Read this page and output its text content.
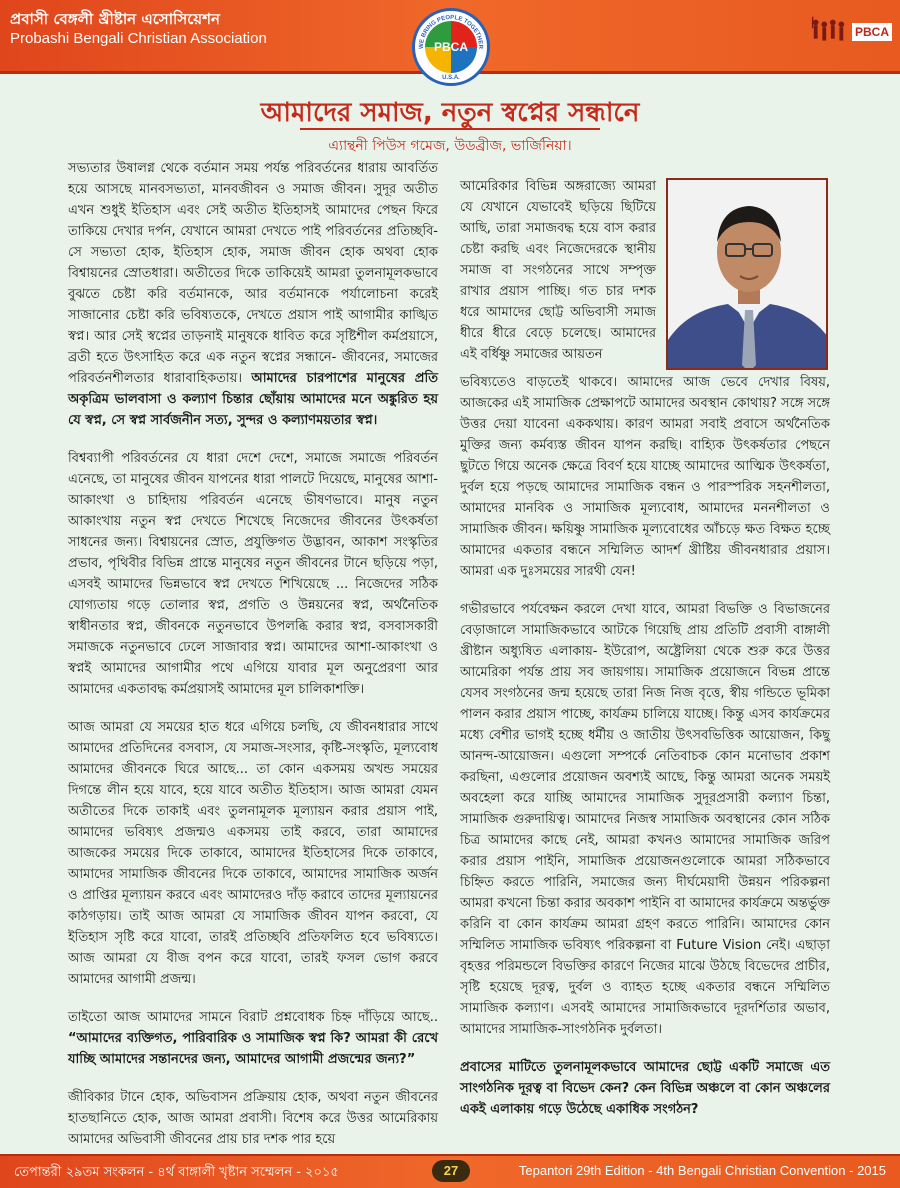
প্রবাসী বেঙ্গলী খ্রীষ্টান এসোসিয়েশন
Probashi Bengali Christian Association	PBCA
WE BRING PEOPLE TOGETHER
U.S.A.
PBCA
আমাদের সমাজ, নতুন স্বপ্নের সন্ধানে
এ্যান্থনী পিউস গমেজ, উডব্রীজ, ভার্জিনিয়া।

সভ্যতার উষালগ্ন থেকে বর্তমান সময় পর্যন্ত পরিবর্তনের ধারায় আবর্তিত হয়ে আসছে মানবসভ্যতা, মানবজীবন ও সমাজ জীবন। সুদূর অতীত এখন শুধুই ইতিহাস এবং সেই অতীত ইতিহাসই আমাদের পেছন ফিরে তাকিয়ে দেখার দর্পন, যেখানে আমরা দেখতে পাই পরিবর্তনের প্রতিচ্ছবি- সে সভ্যতা হোক, ইতিহাস হোক, সমাজ জীবন হোক অথবা হোক বিশ্বায়নের স্রোতধারা। অতীতের দিকে তাকিয়েই আমরা তুলনামূলকভাবে বুঝতে চেষ্টা করি বর্তমানকে, আর বর্তমানকে পর্যালোচনা করেই সাজানোর চেষ্টা করি ভবিষ্যতকে, দেখতে প্রয়াস পাই আগামীর কাঙ্খিত স্বপ্ন। আর সেই স্বপ্নের তাড়নাই মানুষকে ধাবিত করে সৃষ্টিশীল কর্মপ্রয়াসে, ব্রতী হতে উৎসাহিত করে এক নতুন স্বপ্নের সন্ধানে- জীবনের, সমাজের পরিবর্তনশীলতার ধারাবাহিকতায়। আমাদের চারপাশের মানুষের প্রতি অকৃত্রিম ভালবাসা ও কল্যাণ চিন্তার ছোঁয়ায় আমাদের মনে অঙ্কুরিত হয় যে স্বপ্ন, সে স্বপ্ন সার্বজনীন সত্য, সুন্দর ও কল্যাণময়তার স্বপ্ন।

বিশ্বব্যাপী পরিবর্তনের যে ধারা দেশে দেশে, সমাজে সমাজে পরিবর্তন এনেছে, তা মানুষের জীবন যাপনের ধারা পালটে দিয়েছে, মানুষের আশা-আকাংখা ও চাহিদায় পরিবর্তন এনেছে ভীষণভাবে। মানুষ নতুন আকাংখায় নতুন স্বপ্ন দেখতে শিখেছে নিজেদের জীবনের উৎকর্ষতা সাধনের জন্য। বিশ্বায়নের স্রোত, প্রযুক্তিগত উদ্ভাবন, আকাশ সংস্কৃতির প্রভাব, পৃথিবীর বিভিন্ন প্রান্তে মানুষের নতুন জীবনের টানে ছড়িয়ে পড়া, এসবই আমাদের ভিন্নভাবে স্বপ্ন দেখতে শিখিয়েছে ... নিজেদের সঠিক যোগ্যতায় গড়ে তোলার স্বপ্ন, প্রগতি ও উন্নয়নের স্বপ্ন, অর্থনৈতিক স্বাধীনতার স্বপ্ন, জীবনকে নতুনভাবে উপলব্ধি করার স্বপ্ন, বসবাসকারী সমাজকে নতুনভাবে ঢেলে সাজাবার স্বপ্ন। আমাদের আশা-আকাংখা ও স্বপ্নই আমাদের আগামীর পথে এগিয়ে যাবার মূল অনুপ্রেরণা আর আমাদের একতাবদ্ধ কর্মপ্রয়াসই আমাদের মূল চালিকাশক্তি।

আজ আমরা যে সময়ের হাত ধরে এগিয়ে চলছি, যে জীবনধারার সাথে আমাদের প্রতিদিনের বসবাস, যে সমাজ-সংসার, কৃষ্টি-সংস্কৃতি, মূল্যবোধ আমাদের জীবনকে ঘিরে আছে... তা কোন একসময় অখন্ড সময়ের দিগন্তে লীন হয়ে যাবে, হয়ে যাবে অতীত ইতিহাস। আজ আমরা যেমন অতীতের দিকে তাকাই এবং তুলনামূলক মূল্যায়ন করার প্রয়াস পাই, আমাদের ভবিষ্যৎ প্রজন্মও একসময় তাই করবে, তারা আমাদের আজকের সময়ের দিকে তাকাবে, আমাদের ইতিহাসের দিকে তাকাবে, আমাদের সামাজিক জীবনের দিকে তাকাবে, আমাদের সামাজিক অর্জন ও প্রাপ্তির মূল্যায়ন করবে এবং আমাদেরও দাঁড় করাবে তাদের মূল্যায়নের কাঠগড়ায়। তাই আজ আমরা যে সামাজিক জীবন যাপন করবো, যে ইতিহাস সৃষ্টি করে যাবো, তারই প্রতিচ্ছবি প্রতিফলিত হবে ভবিষ্যতে। আজ আমরা যে বীজ বপন করে যাবো, তারই ফসল ভোগ করবে আমাদের আগামী প্রজন্ম।

তাইতো আজ আমাদের সামনে বিরাট প্রশ্নবোধক চিহ্ন দাঁড়িয়ে আছে.. “আমাদের ব্যক্তিগত, পারিবারিক ও সামাজিক স্বপ্ন কি? আমরা কী রেখে যাচ্ছি আমাদের সন্তানদের জন্য, আমাদের আগামী প্রজন্মের জন্য?”

জীবিকার টানে হোক, অভিবাসন প্রক্রিয়ায় হোক, অথবা নতুন জীবনের হাতছানিতে হোক, আজ আমরা প্রবাসী। বিশেষ করে উত্তর আমেরিকায় আমাদের অভিবাসী জীবনের প্রায় চার দশক পার হয়ে

আমেরিকার বিভিন্ন অঙ্গরাজ্যে আমরা যে যেখানে যেভাবেই ছড়িয়ে ছিটিয়ে আছি, তারা সমাজবদ্ধ হয়ে বাস করার চেষ্টা করছি এবং নিজেদেরকে স্থানীয় সমাজ বা সংগঠনের সাথে সম্পৃক্ত রাখার প্রয়াস পাচ্ছি। গত চার দশক ধরে আমাদের ছোট্ট অভিবাসী সমাজ ধীরে ধীরে বেড়ে চলেছে। আমাদের এই বর্ধিষ্ণু সমাজের আয়তন

ভবিষ্যতেও বাড়তেই থাকবে। আমাদের আজ ভেবে দেখার বিষয়, আজকের এই সামাজিক প্রেক্ষাপটে আমাদের অবস্থান কোথায়? সঙ্গে সঙ্গে উত্তর দেয়া যাবেনা এককথায়। কারণ আমরা সবাই প্রবাসে অর্থনৈতিক মুক্তির জন্য কর্মব্যস্ত জীবন যাপন করছি। বাহ্যিক উৎকর্ষতার পেছনে ছুটতে গিয়ে অনেক ক্ষেত্রে বিবর্ণ হয়ে যাচ্ছে আমাদের আত্মিক উৎকর্ষতা, দুর্বল হয়ে পড়ছে আমাদের সামাজিক বন্ধন ও পারস্পরিক সহনশীলতা, আমাদের মানবিক ও সামাজিক মূল্যবোধ, আমাদের মননশীলতা ও সামাজিক জীবন। ক্ষয়িষ্ণু সামাজিক মূল্যবোধের আঁচড়ে ক্ষত বিক্ষত হচ্ছে আমাদের একতার বন্ধনে সম্মিলিত আদর্শ খ্রীষ্টিয় জীবনধারার প্রয়াস। আমরা এক দুঃসময়ের সারথী যেন!

গভীরভাবে পর্যবেক্ষন করলে দেখা যাবে, আমরা বিভক্তি ও বিভাজনের বেড়াজালে সামাজিকভাবে আটকে গিয়েছি প্রায় প্রতিটি প্রবাসী বাঙ্গালী খ্রীষ্টান অধ্যুষিত এলাকায়- ইউরোপ, অষ্ট্রেলিয়া থেকে শুরু করে উত্তর আমেরিকা পর্যন্ত প্রায় সব জায়গায়। সামাজিক প্রয়োজনে বিভন্ন প্রান্তে যেসব সংগঠনের জন্ম হয়েছে তারা নিজ নিজ বৃত্তে, স্বীয় গন্ডিতে ভূমিকা পালন করার প্রয়াস পাচ্ছে, কার্যক্রম চালিয়ে যাচ্ছে। কিন্তু এসব কার্যক্রমের মধ্যে বেশীর ভাগই হচ্ছে ধর্মীয় ও জাতীয় উৎসবভিত্তিক আয়োজন, কিছু আনন্দ-আয়োজন। এগুলো সম্পর্কে নেতিবাচক কোন মনোভাব প্রকাশ করছিনা, এগুলোর প্রয়োজন অবশ্যই আছে, কিন্তু আমরা অনেক সময়ই অবহেলা করে যাচ্ছি আমাদের সামাজিক সুদূরপ্রসারী কল্যাণ চিন্তা, সামাজিক গুরুদায়িত্ব। আমাদের নিজস্ব সামাজিক অবস্থানের কোন সঠিক চিত্র আমাদের কাছে নেই, আমরা কখনও আমাদের সামাজিক জরিপ করার প্রয়াস পাইনি, সামাজিক প্রয়োজনগুলোকে আমরা সঠিকভাবে চিহ্নিত করতে পারিনি, সমাজের জন্য দীর্ঘমেয়াদী উন্নয়ন পরিকল্পনা আমরা কখনো চিন্তা করার অবকাশ পাইনি বা আমাদের কার্যক্রমে অন্তর্ভুক্ত করিনি বা কোন কার্যক্রম আমরা গ্রহণ করতে পারিনি। আমাদের কোন সম্মিলিত সামাজিক ভবিষ্যৎ পরিকল্পনা বা Future Vision নেই। এছাড়া বৃহত্তর পরিমন্ডলে বিভক্তির কারণে নিজের মাঝে উঠছে বিভেদের প্রাচীর, সৃষ্টি হয়েছে দূরত্ব, দুর্বল ও ব্যাহত হচ্ছে একতার বন্ধনে সম্মিলিত সামাজিক কল্যাণ। এসবই আমাদের সামাজিকভাবে দূরদর্শিতার অভাব, আমাদের সামাজিক-সাংগঠনিক দুর্বলতা।

প্রবাসের মাটিতে তুলনামূলকভাবে আমাদের ছোট্ট একটি সমাজে এত সাংগঠনিক দূরত্ব বা বিভেদ কেন? কেন বিভিন্ন অঞ্চলে বা কোন অঞ্চলের একই এলাকায় গড়ে উঠেছে একাধিক সংগঠন?

তেপান্তরী ২৯তম সংকলন - ৪র্থ বাঙ্গালী খৃষ্টান সম্মেলন - ২০১৫	27	Tepantori 29th Edition - 4th Bengali Christian Convention - 2015
